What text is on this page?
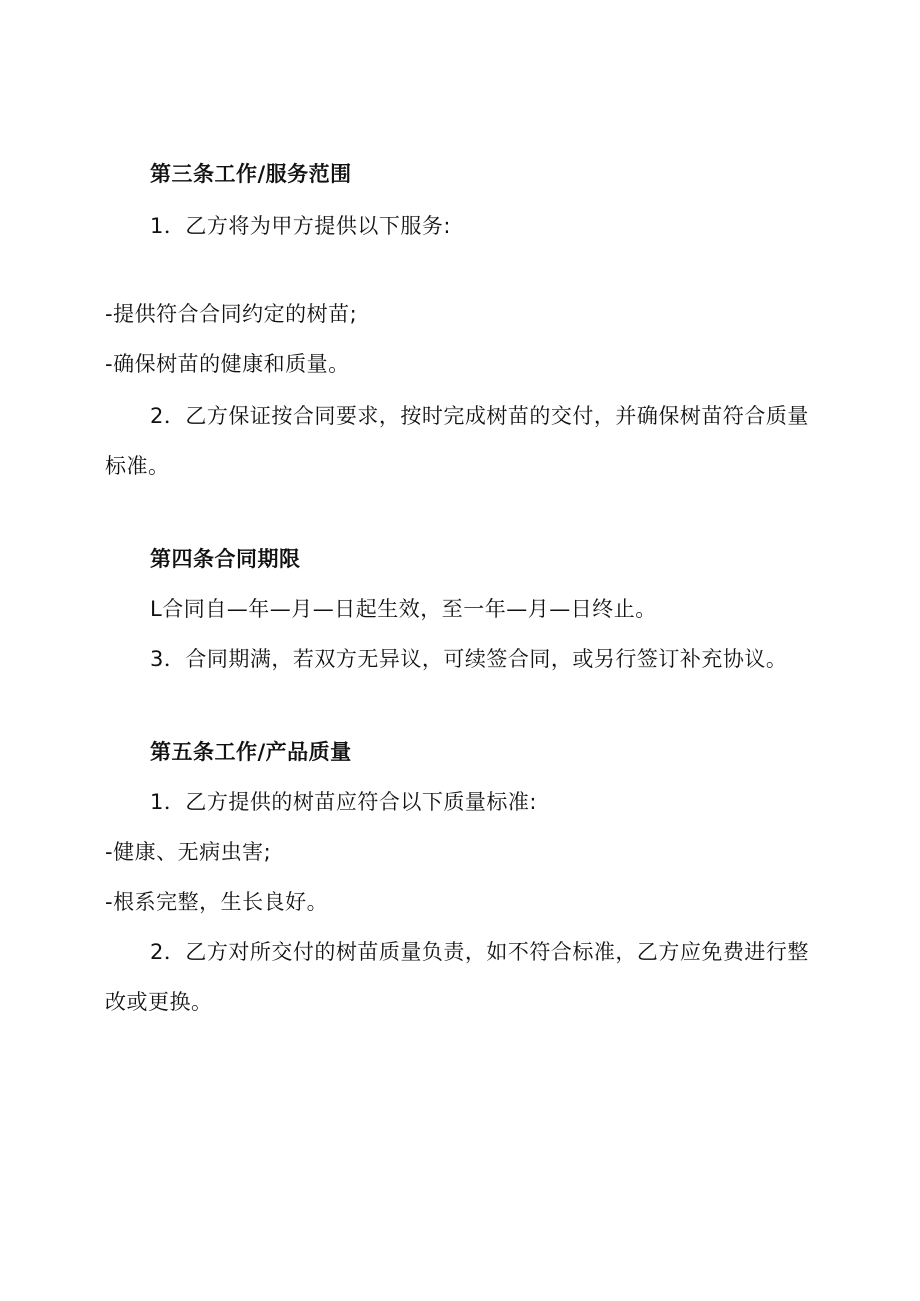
第三条工作/服务范围

1．乙方将为甲方提供以下服务:

-提供符合合同约定的树苗;

-确保树苗的健康和质量。

2．乙方保证按合同要求，按时完成树苗的交付，并确保树苗符合质量

标准。

第四条合同期限

L合同自—年—月—日起生效，至一年—月—日终止。

3．合同期满，若双方无异议，可续签合同，或另行签订补充协议。

第五条工作/产品质量

1．乙方提供的树苗应符合以下质量标准:

-健康、无病虫害;

-根系完整，生长良好。

2．乙方对所交付的树苗质量负责，如不符合标准，乙方应免费进行整

改或更换。
